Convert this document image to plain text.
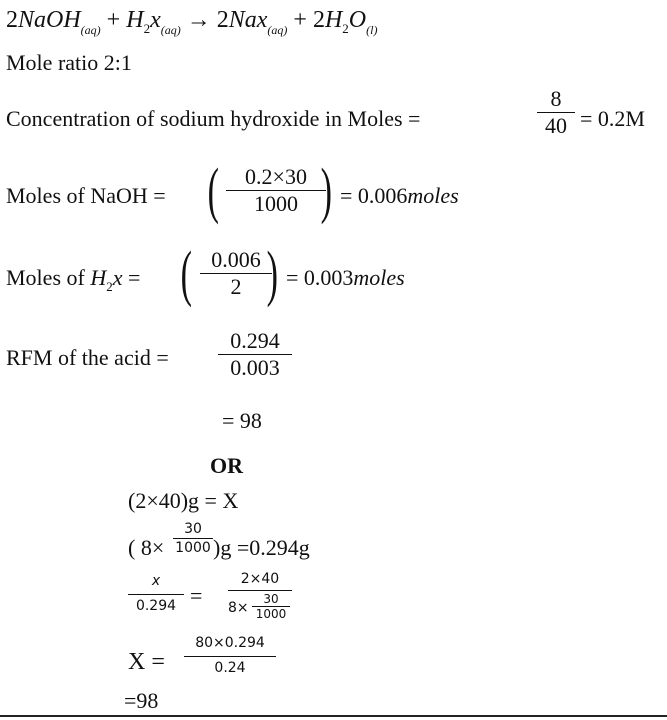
2NaOH$_{(aq)}$ + $H_2x_{(aq)} \to 2Nax_{(aq)} + 2H_2O_{(l)}$
Mole ratio 2:1
Concentration of sodium hydroxide in Moles =
8
40 = 0.2M
Moles of NaOH = (	0.2×30
1000 ) = 0.006moles
Moles of $H_2x$ = ( 0.006
2 ) = 0.003moles
RFM of the acid =
0.294
0.003
= 98
OR
(2×40)g = X
( 8×
30
1000 )g =0.294g
x
0.294 =
2×40
8×
30
1000
X =
80×0.294
0.24
=98
